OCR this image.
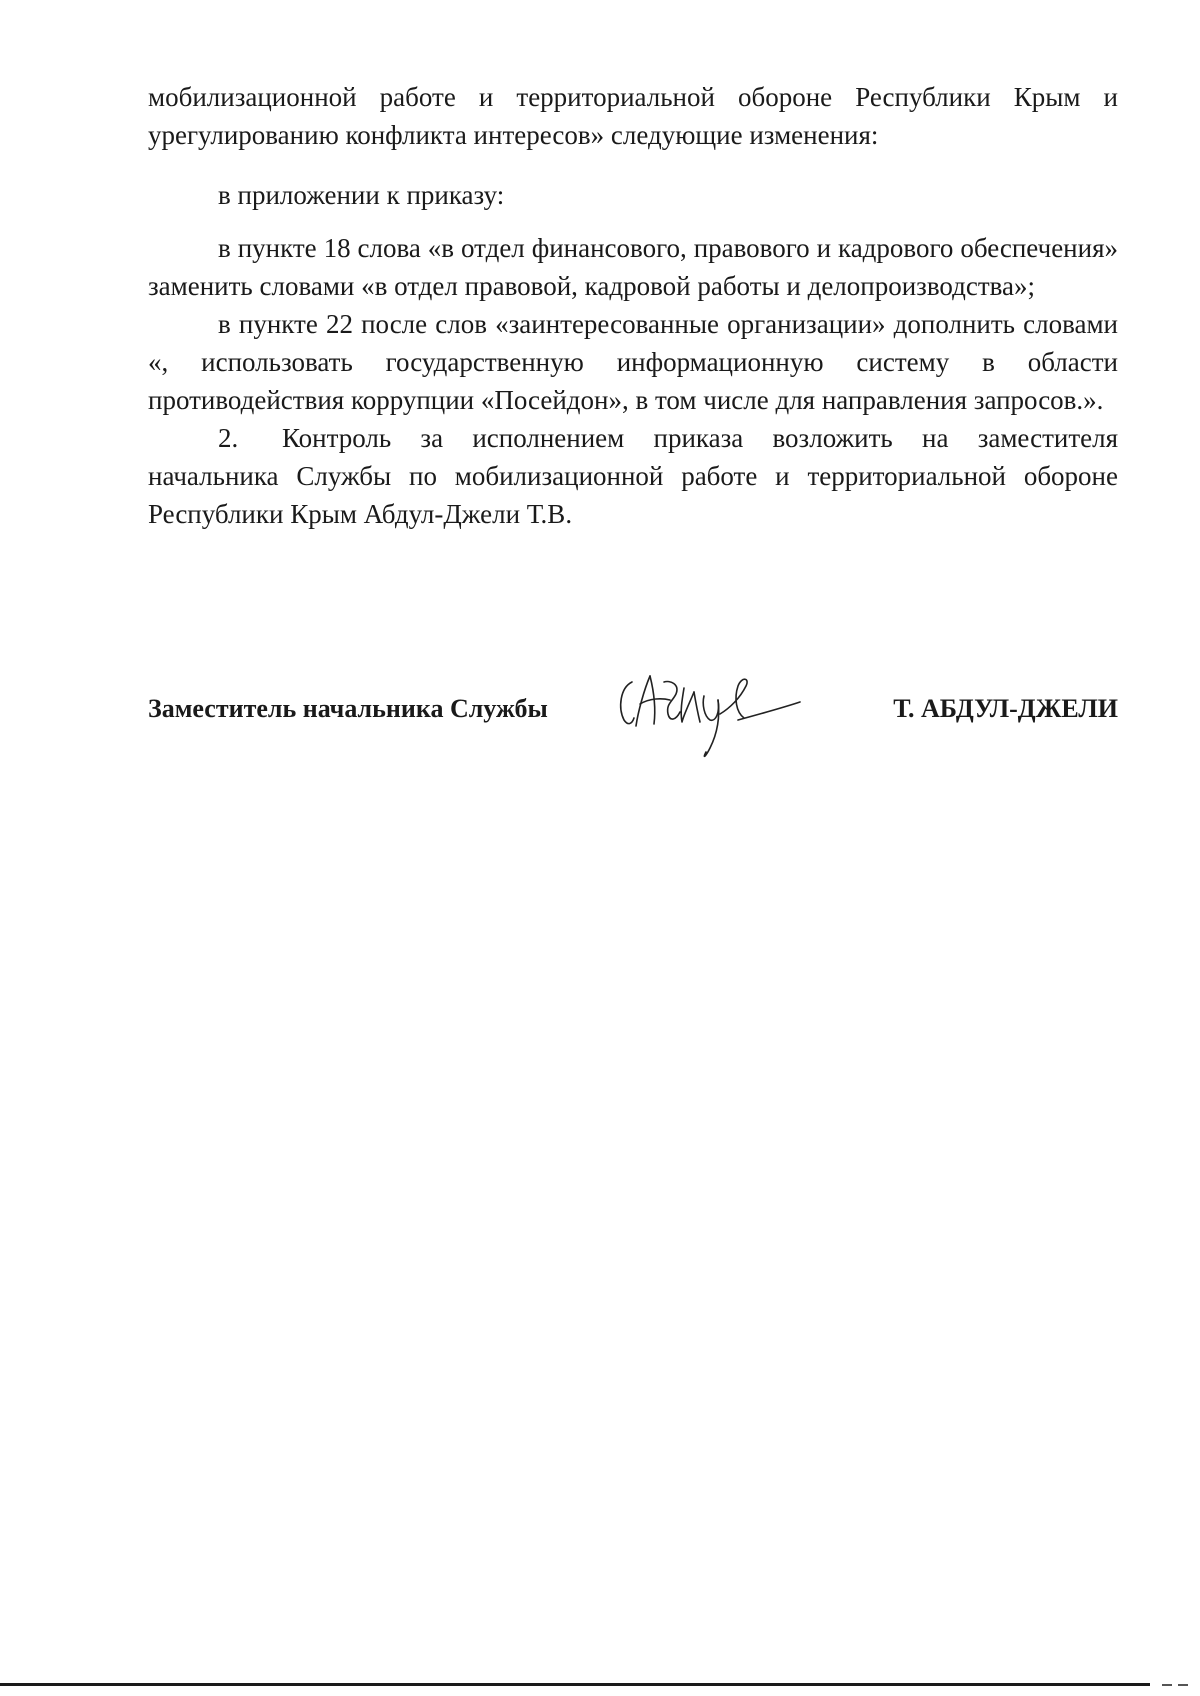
мобилизационной работе и территориальной обороне Республики Крым и урегулированию конфликта интересов» следующие изменения:

в приложении к приказу:

в пункте 18 слова «в отдел финансового, правового и кадрового обеспечения» заменить словами «в отдел правовой, кадровой работы и делопроизводства»;

в пункте 22 после слов «заинтересованные организации» дополнить словами «, использовать государственную информационную систему в области противодействия коррупции «Посейдон», в том числе для направления запросов.».

2. Контроль за исполнением приказа возложить на заместителя начальника Службы по мобилизационной работе и территориальной обороне Республики Крым Абдул-Джели Т.В.

Заместитель начальника Службы	Т. АБДУЛ-ДЖЕЛИ
